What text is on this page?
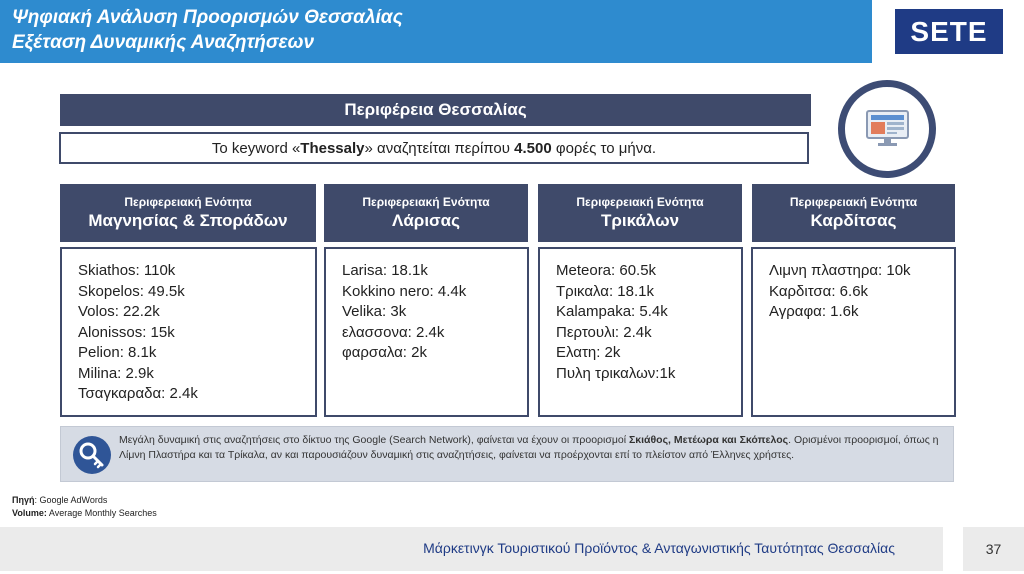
Ψηφιακή Ανάλυση Προορισμών Θεσσαλίας
Εξέταση Δυναμικής Αναζητήσεων	SETE
Περιφέρεια Θεσσαλίας
Το keyword « Thessaly » αναζητείται περίπου 4.500 φορές το μήνα.
Περιφερειακή Ενότητα
Μαγνησίας & Σποράδων
Περιφερειακή Ενότητα
Λάρισας
Περιφερειακή Ενότητα
Τρικάλων
Περιφερειακή Ενότητα
Καρδίτσας
Skiathos: 110k
Skopelos: 49.5k
Volos: 22.2k
Alonissos: 15k
Pelion: 8.1k
Milina: 2.9k
Τσαγκαραδα: 2.4k
Larisa: 18.1k
Kokkino nero: 4.4k
Velika: 3k
ελασσονα: 2.4k
φαρσαλα: 2k
Meteora: 60.5k
Τρικαλα: 18.1k
Kalampaka: 5.4k
Περτουλι: 2.4k
Ελατη: 2k
Πυλη τρικαλων:1k
Λιμνη πλαστηρα: 10k
Καρδιτσα: 6.6k
Αγραφα: 1.6k
Μεγάλη δυναμική στις αναζητήσεις στο δίκτυο της Google (Search Network), φαίνεται να έχουν οι προορισμοί Σκιάθος, Μετέωρα και Σκόπελος. Ορισμένοι προορισμοί, όπως η Λίμνη Πλαστήρα και τα Τρίκαλα, αν και παρουσιάζουν δυναμική στις αναζητήσεις, φαίνεται να προέρχονται επί το πλείστον από Έλληνες χρήστες.
Πηγή: Google AdWords
Volume: Average Monthly Searches
Μάρκετινγκ Τουριστικού Προϊόντος & Ανταγωνιστικής Ταυτότητας Θεσσαλίας	37
